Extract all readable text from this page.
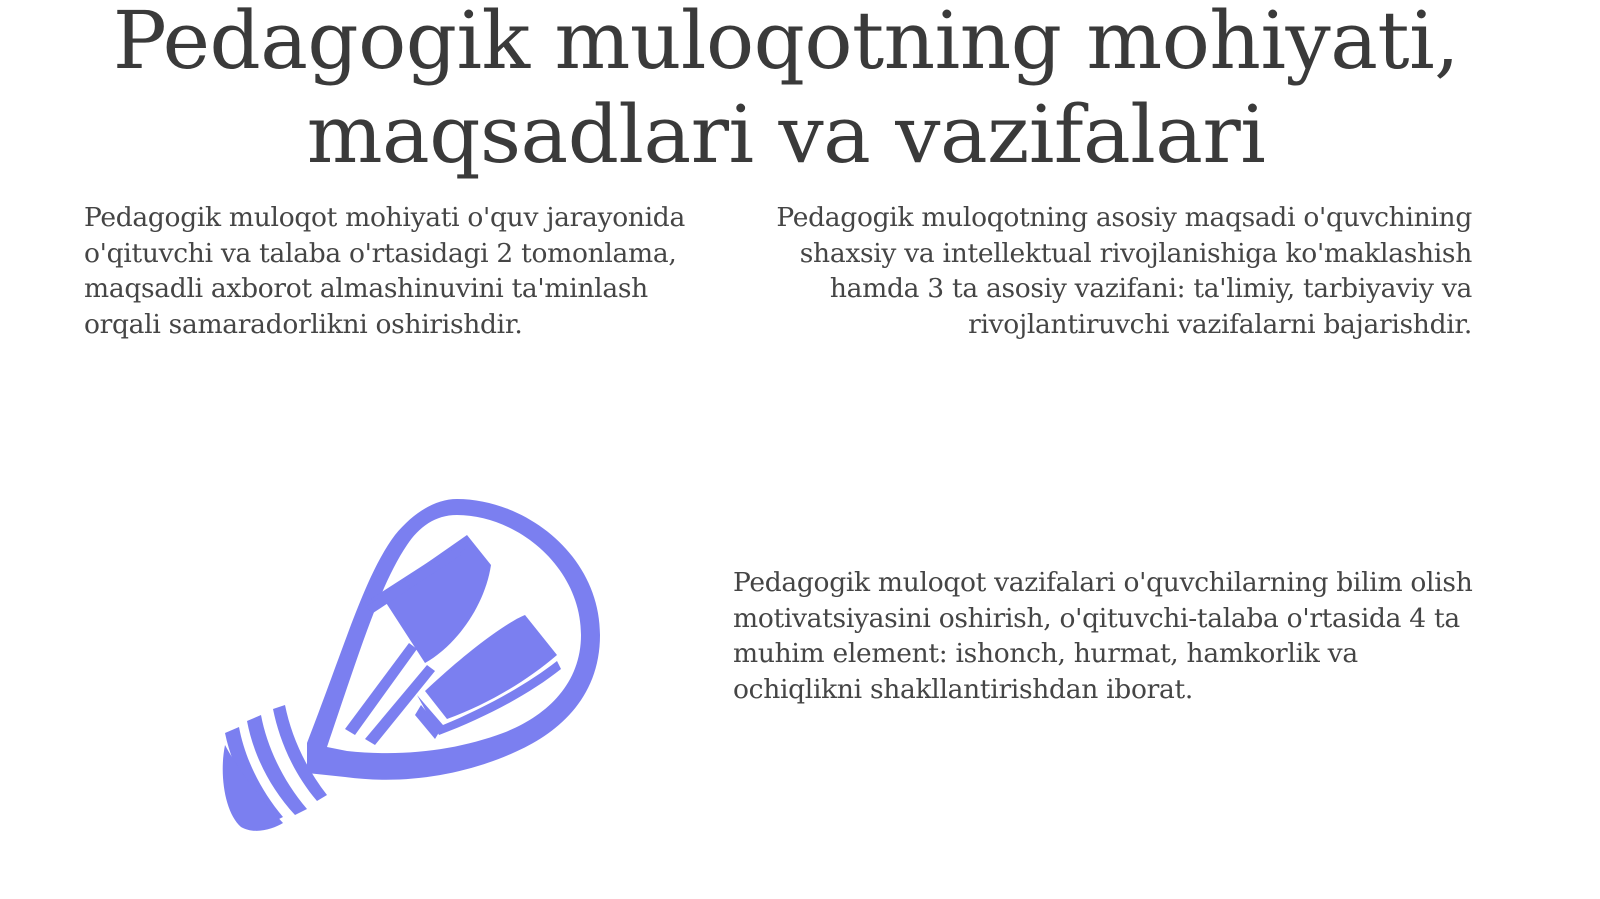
Pedagogik muloqotning mohiyati, maqsadlari va vazifalari

Pedagogik muloqot mohiyati o'quv jarayonida o'qituvchi va talaba o'rtasidagi 2 tomonlama, maqsadli axborot almashinuvini ta'minlash orqali samaradorlikni oshirishdir.

Pedagogik muloqotning asosiy maqsadi o'quvchining shaxsiy va intellektual rivojlanishiga ko'maklashish hamda 3 ta asosiy vazifani: ta'limiy, tarbiyaviy va rivojlantiruvchi vazifalarni bajarishdir.

Pedagogik muloqot vazifalari o'quvchilarning bilim olish motivatsiyasini oshirish, o'qituvchi-talaba o'rtasida 4 ta muhim element: ishonch, hurmat, hamkorlik va ochiqlikni shakllantirishdan iborat.
